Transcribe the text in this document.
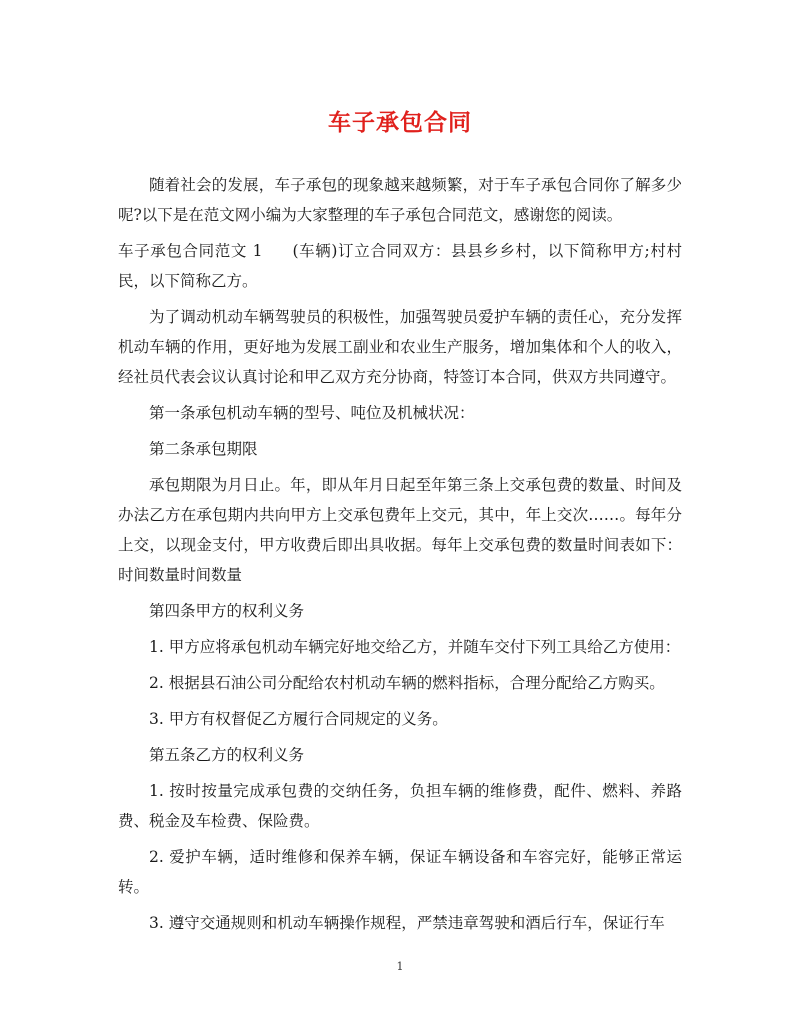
车子承包合同

随着社会的发展，车子承包的现象越来越频繁，对于车子承包合同你了解多少呢?以下是在范文网小编为大家整理的车子承包合同范文，感谢您的阅读。

车子承包合同范文 1 (车辆)订立合同双方：县县乡乡村，以下简称甲方;村村民，以下简称乙方。

为了调动机动车辆驾驶员的积极性，加强驾驶员爱护车辆的责任心，充分发挥机动车辆的作用，更好地为发展工副业和农业生产服务，增加集体和个人的收入，经社员代表会议认真讨论和甲乙双方充分协商，特签订本合同，供双方共同遵守。

第一条承包机动车辆的型号、吨位及机械状况：

第二条承包期限

承包期限为月日止。年，即从年月日起至年第三条上交承包费的数量、时间及办法乙方在承包期内共向甲方上交承包费年上交元，其中，年上交次……。每年分上交，以现金支付，甲方收费后即出具收据。每年上交承包费的数量时间表如下：时间数量时间数量

第四条甲方的权利义务

1. 甲方应将承包机动车辆完好地交给乙方，并随车交付下列工具给乙方使用：

2. 根据县石油公司分配给农村机动车辆的燃料指标，合理分配给乙方购买。

3. 甲方有权督促乙方履行合同规定的义务。

第五条乙方的权利义务

1. 按时按量完成承包费的交纳任务，负担车辆的维修费，配件、燃料、养路费、税金及车检费、保险费。

2. 爱护车辆，适时维修和保养车辆，保证车辆设备和车容完好，能够正常运转。

3. 遵守交通规则和机动车辆操作规程，严禁违章驾驶和酒后行车，保证行车

1
